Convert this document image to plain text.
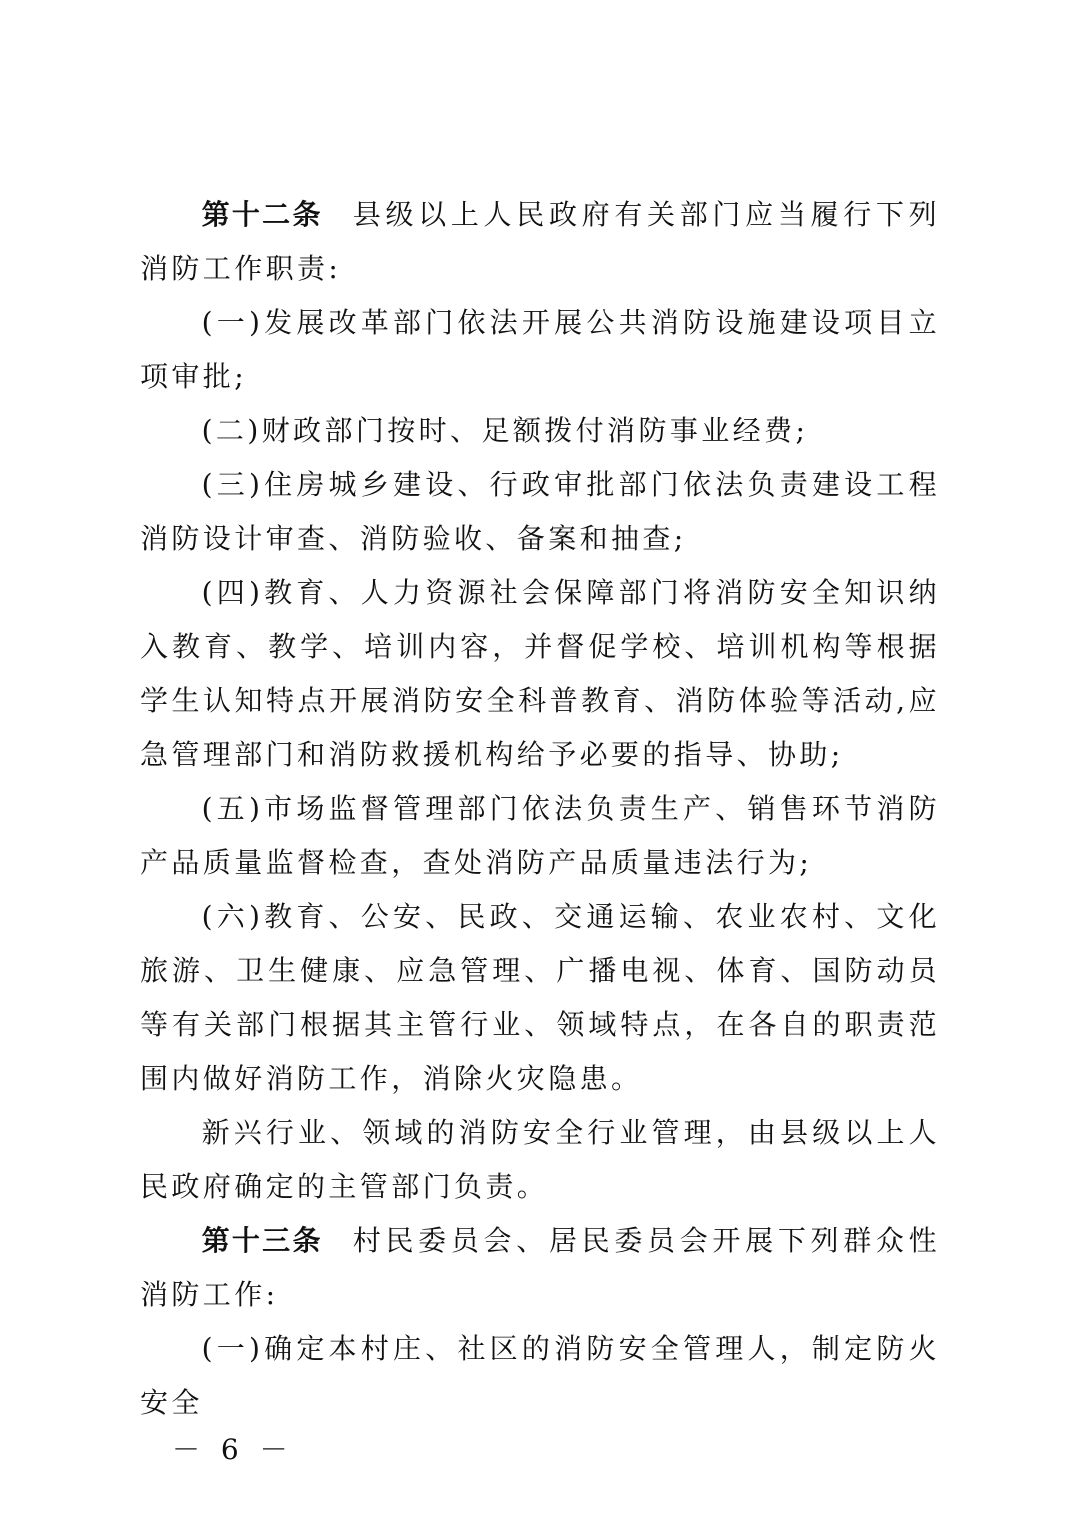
第十二条 县级以上人民政府有关部门应当履行下列消防工作职责:

(一)发展改革部门依法开展公共消防设施建设项目立项审批;

(二)财政部门按时、足额拨付消防事业经费;

(三)住房城乡建设、行政审批部门依法负责建设工程消防设计审查、消防验收、备案和抽查;

(四)教育、人力资源社会保障部门将消防安全知识纳入教育、教学、培训内容，并督促学校、培训机构等根据学生认知特点开展消防安全科普教育、消防体验等活动,应急管理部门和消防救援机构给予必要的指导、协助;

(五)市场监督管理部门依法负责生产、销售环节消防产品质量监督检查，查处消防产品质量违法行为;

(六)教育、公安、民政、交通运输、农业农村、文化旅游、卫生健康、应急管理、广播电视、体育、国防动员等有关部门根据其主管行业、领域特点，在各自的职责范围内做好消防工作，消除火灾隐患。

新兴行业、领域的消防安全行业管理，由县级以上人民政府确定的主管部门负责。

第十三条 村民委员会、居民委员会开展下列群众性消防工作:

(一)确定本村庄、社区的消防安全管理人，制定防火安全

－ 6 －
